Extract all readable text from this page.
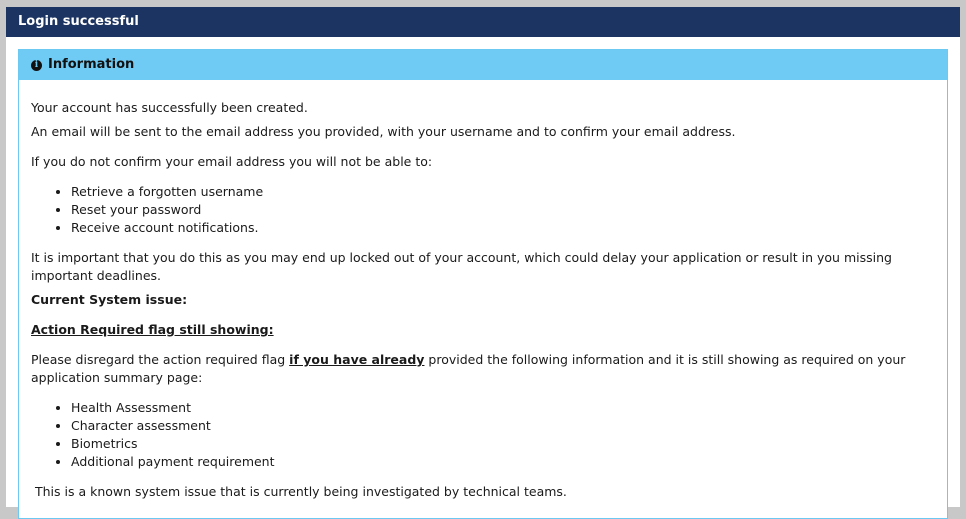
Login successful
i Information

Your account has successfully been created.

An email will be sent to the email address you provided, with your username and to confirm your email address.

If you do not confirm your email address you will not be able to:

• Retrieve a forgotten username
• Reset your password
• Receive account notifications.

It is important that you do this as you may end up locked out of your account, which could delay your application or result in you missing important deadlines.

Current System issue:

Action Required flag still showing:

Please disregard the action required flag if you have already provided the following information and it is still showing as required on your application summary page:

• Health Assessment
• Character assessment
• Biometrics
• Additional payment requirement

This is a known system issue that is currently being investigated by technical teams.
